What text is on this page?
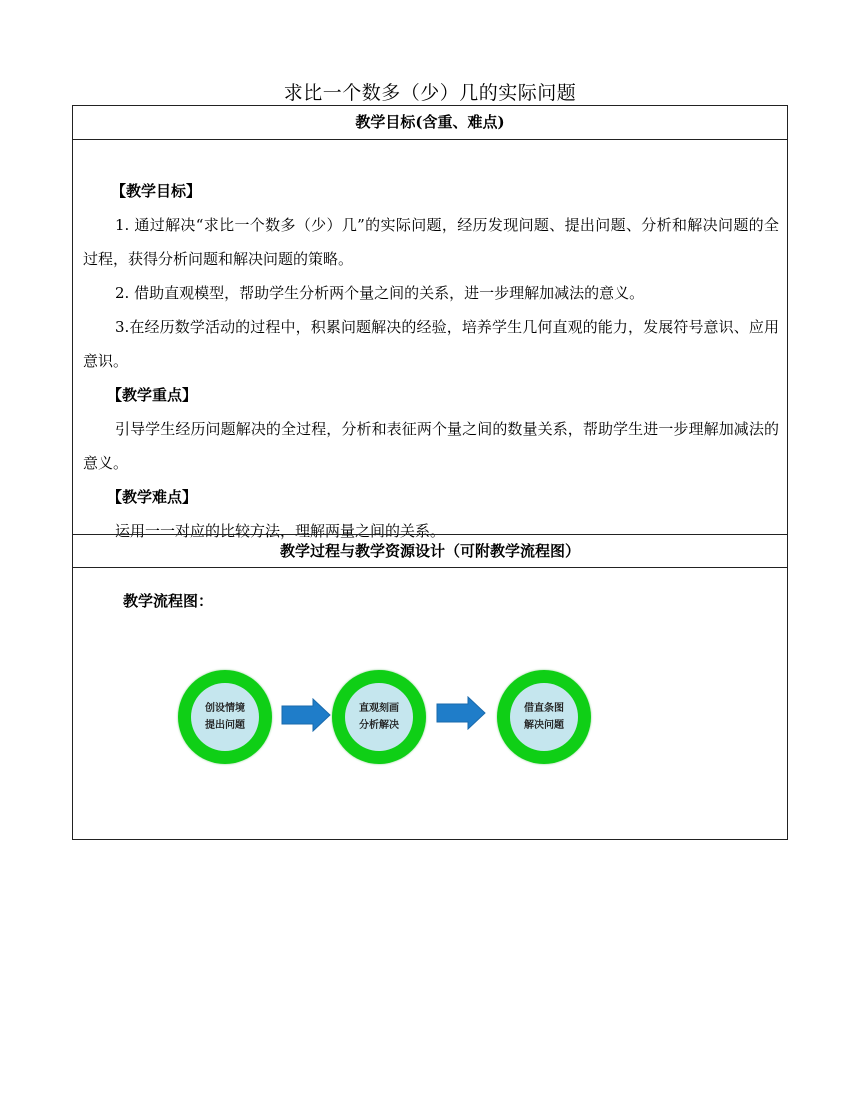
求比一个数多（少）几的实际问题
教学目标(含重、难点)
【教学目标】

1. 通过解决“求比一个数多（少）几”的实际问题，经历发现问题、提出问题、分析和解决问题的全过程，获得分析问题和解决问题的策略。

2. 借助直观模型，帮助学生分析两个量之间的关系，进一步理解加减法的意义。

3.在经历数学活动的过程中，积累问题解决的经验，培养学生几何直观的能力，发展符号意识、应用意识。

【教学重点】

引导学生经历问题解决的全过程，分析和表征两个量之间的数量关系，帮助学生进一步理解加减法的意义。

【教学难点】

运用一一对应的比较方法，理解两量之间的关系。

教学过程与教学资源设计（可附教学流程图）
教学流程图：
创设情境
提出问题
直观刻画
分析解决
借直条图
解决问题
